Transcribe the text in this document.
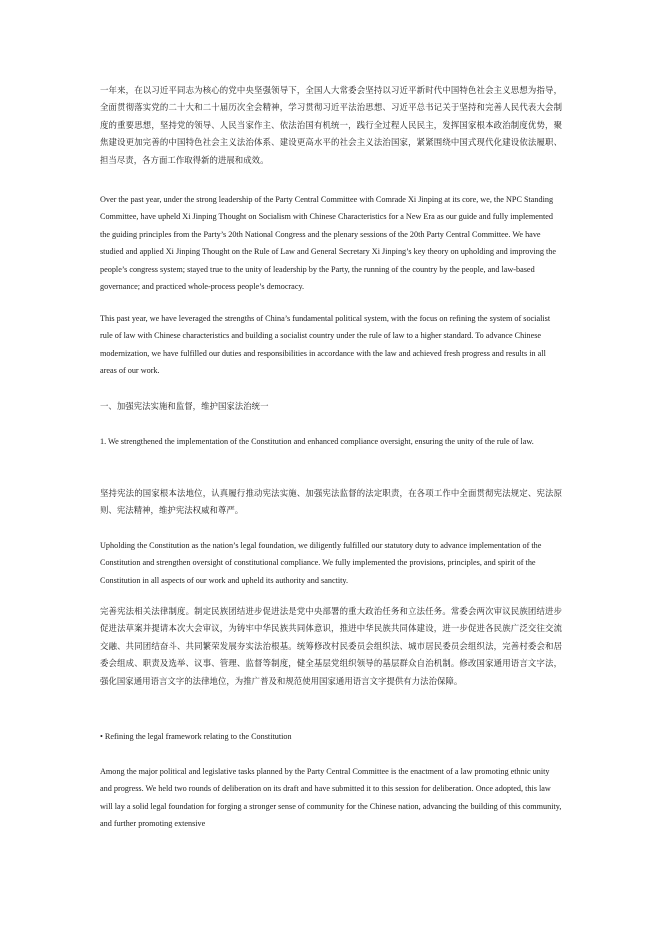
一年来，在以习近平同志为核心的党中央坚强领导下，全国人大常委会坚持以习近平新时代中国特色社会主义思想为指导，全面贯彻落实党的二十大和二十届历次全会精神，学习贯彻习近平法治思想、习近平总书记关于坚持和完善人民代表大会制度的重要思想，坚持党的领导、人民当家作主、依法治国有机统一，践行全过程人民民主，发挥国家根本政治制度优势，聚焦建设更加完善的中国特色社会主义法治体系、建设更高水平的社会主义法治国家，紧紧围绕中国式现代化建设依法履职、担当尽责，各方面工作取得新的进展和成效。

Over the past year, under the strong leadership of the Party Central Committee with Comrade Xi Jinping at its core, we, the NPC Standing Committee, have upheld Xi Jinping Thought on Socialism with Chinese Characteristics for a New Era as our guide and fully implemented the guiding principles from the Party’s 20th National Congress and the plenary sessions of the 20th Party Central Committee. We have studied and applied Xi Jinping Thought on the Rule of Law and General Secretary Xi Jinping’s key theory on upholding and improving the people’s congress system; stayed true to the unity of leadership by the Party, the running of the country by the people, and law-based governance; and practiced whole-process people’s democracy.

This past year, we have leveraged the strengths of China’s fundamental political system, with the focus on refining the system of socialist rule of law with Chinese characteristics and building a socialist country under the rule of law to a higher standard. To advance Chinese modernization, we have fulfilled our duties and responsibilities in accordance with the law and achieved fresh progress and results in all areas of our work.

一、加强宪法实施和监督，维护国家法治统一

1. We strengthened the implementation of the Constitution and enhanced compliance oversight, ensuring the unity of the rule of law.

坚持宪法的国家根本法地位，认真履行推动宪法实施、加强宪法监督的法定职责，在各项工作中全面贯彻宪法规定、宪法原则、宪法精神，维护宪法权威和尊严。

Upholding the Constitution as the nation’s legal foundation, we diligently fulfilled our statutory duty to advance implementation of the Constitution and strengthen oversight of constitutional compliance. We fully implemented the provisions, principles, and spirit of the Constitution in all aspects of our work and upheld its authority and sanctity.

完善宪法相关法律制度。制定民族团结进步促进法是党中央部署的重大政治任务和立法任务。常委会两次审议民族团结进步促进法草案并提请本次大会审议，为铸牢中华民族共同体意识，推进中华民族共同体建设，进一步促进各民族广泛交往交流交融、共同团结奋斗、共同繁荣发展夯实法治根基。统筹修改村民委员会组织法、城市居民委员会组织法，完善村委会和居委会组成、职责及选举、议事、管理、监督等制度，健全基层党组织领导的基层群众自治机制。修改国家通用语言文字法，强化国家通用语言文字的法律地位，为推广普及和规范使用国家通用语言文字提供有力法治保障。

• Refining the legal framework relating to the Constitution

Among the major political and legislative tasks planned by the Party Central Committee is the enactment of a law promoting ethnic unity and progress. We held two rounds of deliberation on its draft and have submitted it to this session for deliberation. Once adopted, this law will lay a solid legal foundation for forging a stronger sense of community for the Chinese nation, advancing the building of this community, and further promoting extensive
